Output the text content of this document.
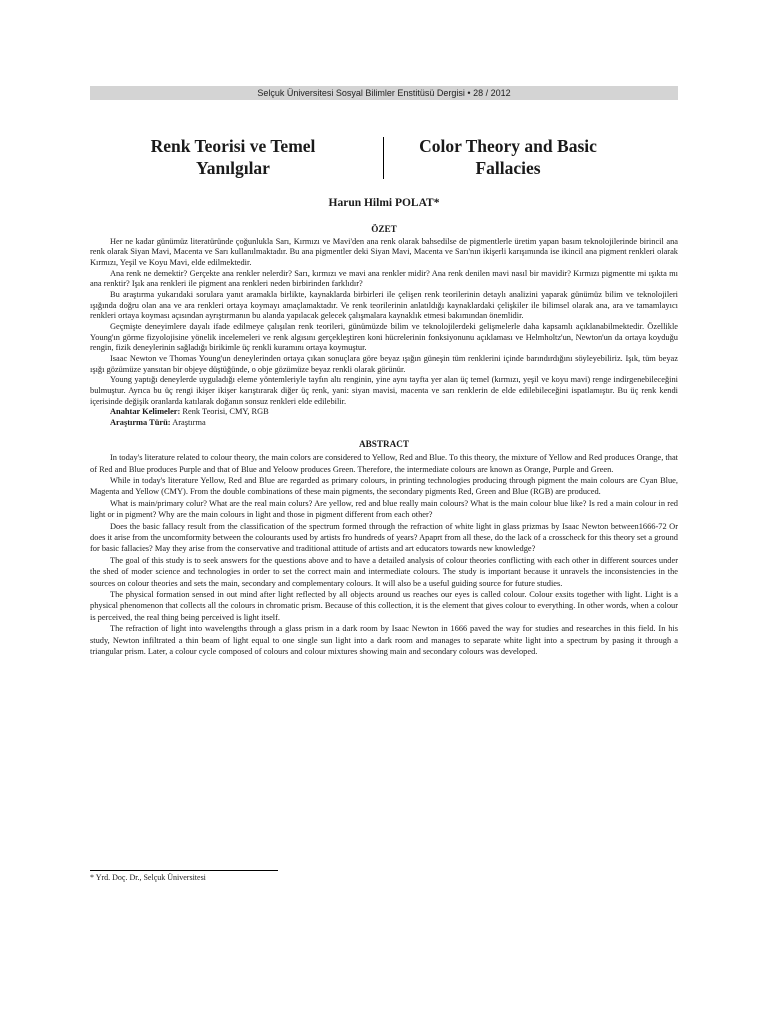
Selçuk Üniversitesi Sosyal Bilimler Enstitüsü Dergisi • 28 / 2012
Renk Teorisi ve Temel Yanılgılar
Color Theory and Basic Fallacies
Harun Hilmi POLAT*
ÖZET

Her ne kadar günümüz literatüründe çoğunlukla Sarı, Kırmızı ve Mavi'den ana renk olarak bahsedilse de pigmentlerle üretim yapan basım teknolojilerinde birincil ana renk olarak Siyan Mavi, Macenta ve Sarı kullanılmaktadır. Bu ana pigmentler deki Siyan Mavi, Macenta ve Sarı'nın ikişerli karışımında ise ikincil ana pigment renkleri olarak Kırmızı, Yeşil ve Koyu Mavi, elde edilmektedir.

Ana renk ne demektir? Gerçekte ana renkler nelerdir? Sarı, kırmızı ve mavi ana renkler midir? Ana renk denilen mavi nasıl bir mavidir? Kırmızı pigmentte mi ışıkta mı ana renktir? Işık ana renkleri ile pigment ana renkleri neden birbirinden farklıdır?

Bu araştırma yukarıdaki sorulara yanıt aramakla birlikte, kaynaklarda birbirleri ile çelişen renk teorilerinin detaylı analizini yaparak günümüz bilim ve teknolojileri ışığında doğru olan ana ve ara renkleri ortaya koymayı amaçlamaktadır. Ve renk teorilerinin anlatıldığı kaynaklardaki çelişkiler ile bilimsel olarak ana, ara ve tamamlayıcı renkleri ortaya koyması açısından ayrıştırmanın bu alanda yapılacak gelecek çalışmalara kaynaklık etmesi bakımından önemlidir.

Geçmişte deneyimlere dayalı ifade edilmeye çalışılan renk teorileri, günümüzde bilim ve teknolojilerdeki gelişmelerle daha kapsamlı açıklanabilmektedir. Özellikle Young'ın görme fizyolojisine yönelik incelemeleri ve renk algısını gerçekleştiren koni hücrelerinin fonksiyonunu açıklaması ve Helmholtz'un, Newton'un da ortaya koyduğu rengin, fizik deneylerinin sağladığı birikimle üç renkli kuramını ortaya koymuştur.

Isaac Newton ve Thomas Young'un deneylerinden ortaya çıkan sonuçlara göre beyaz ışığın güneşin tüm renklerini içinde barındırdığını söyleyebiliriz. Işık, tüm beyaz ışığı gözümüze yansıtan bir objeye düştüğünde, o obje gözümüze beyaz renkli olarak görünür.

Young yaptığı deneylerde uyguladığı eleme yöntemleriyle tayfın altı renginin, yine aynı tayfta yer alan üç temel (kırmızı, yeşil ve koyu mavi) renge indirgenebileceğini bulmuştur. Ayrıca bu üç rengi ikişer ikişer karıştırarak diğer üç renk, yani: siyan mavisi, macenta ve sarı renklerin de elde edilebileceğini ispatlamıştır. Bu üç renk kendi içerisinde değişik oranlarda katılarak doğanın sonsuz renkleri elde edilebilir.

Anahtar Kelimeler: Renk Teorisi, CMY, RGB
Araştırma Türü: Araştırma
ABSTRACT

In today's literature related to colour theory, the main colors are considered to Yellow, Red and Blue. To this theory, the mixture of Yellow and Red produces Orange, that of Red and Blue produces Purple and that of Blue and Yeloow produces Green. Therefore, the intermediate colours are known as Orange, Purple and Green.

While in today's literature Yellow, Red and Blue are regarded as primary colours, in printing technologies producing through pigment the main colours are Cyan Blue, Magenta and Yellow (CMY). From the double combinations of these main pigments, the secondary pigments Red, Green and Blue (RGB) are produced.

What is main/primary colur? What are the real main colurs? Are yellow, red and blue really main colours? What is the main colour blue like? Is red a main colour in red light or in pigment? Why are the main colours in light and those in pigment different from each other?

Does the basic fallacy result from the classification of the spectrum formed through the refraction of white light in glass prizmas by Isaac Newton between1666-72 Or does it arise from the uncomformity between the colourants used by artists fro hundreds of years? Apaprt from all these, do the lack of a crosscheck for this theory set a ground for basic fallacies? May they arise from the conservative and traditional attitude of artists and art educators towards new knowledge?

The goal of this study is to seek answers for the questions above and to have a detailed analysis of colour theories conflicting with each other in different sources under the shed of moder science and technologies in order to set the correct main and intermediate colours. The study is important because it unravels the inconsistencies in the sources on colour theories and sets the main, secondary and complementary colours. It will also be a useful guiding source for future studies.

The physical formation sensed in out mind after light reflected by all objects around us reaches our eyes is called colour. Colour exsits together with light. Light is a physical phenomenon that collects all the colours in chromatic prism. Because of this collection, it is the element that gives colour to everything. In other words, when a colour is perceived, the real thing being perceived is light itself.

The refraction of light into wavelengths through a glass prism in a dark room by Isaac Newton in 1666 paved the way for studies and researches in this field. In his study, Newton infiltrated a thin beam of light equal to one single sun light into a dark room and manages to separate white light into a spectrum by pasing it through a triangular prism. Later, a colour cycle composed of colours and colour mixtures showing main and secondary colours was developed.

* Yrd. Doç. Dr., Selçuk Üniversitesi
